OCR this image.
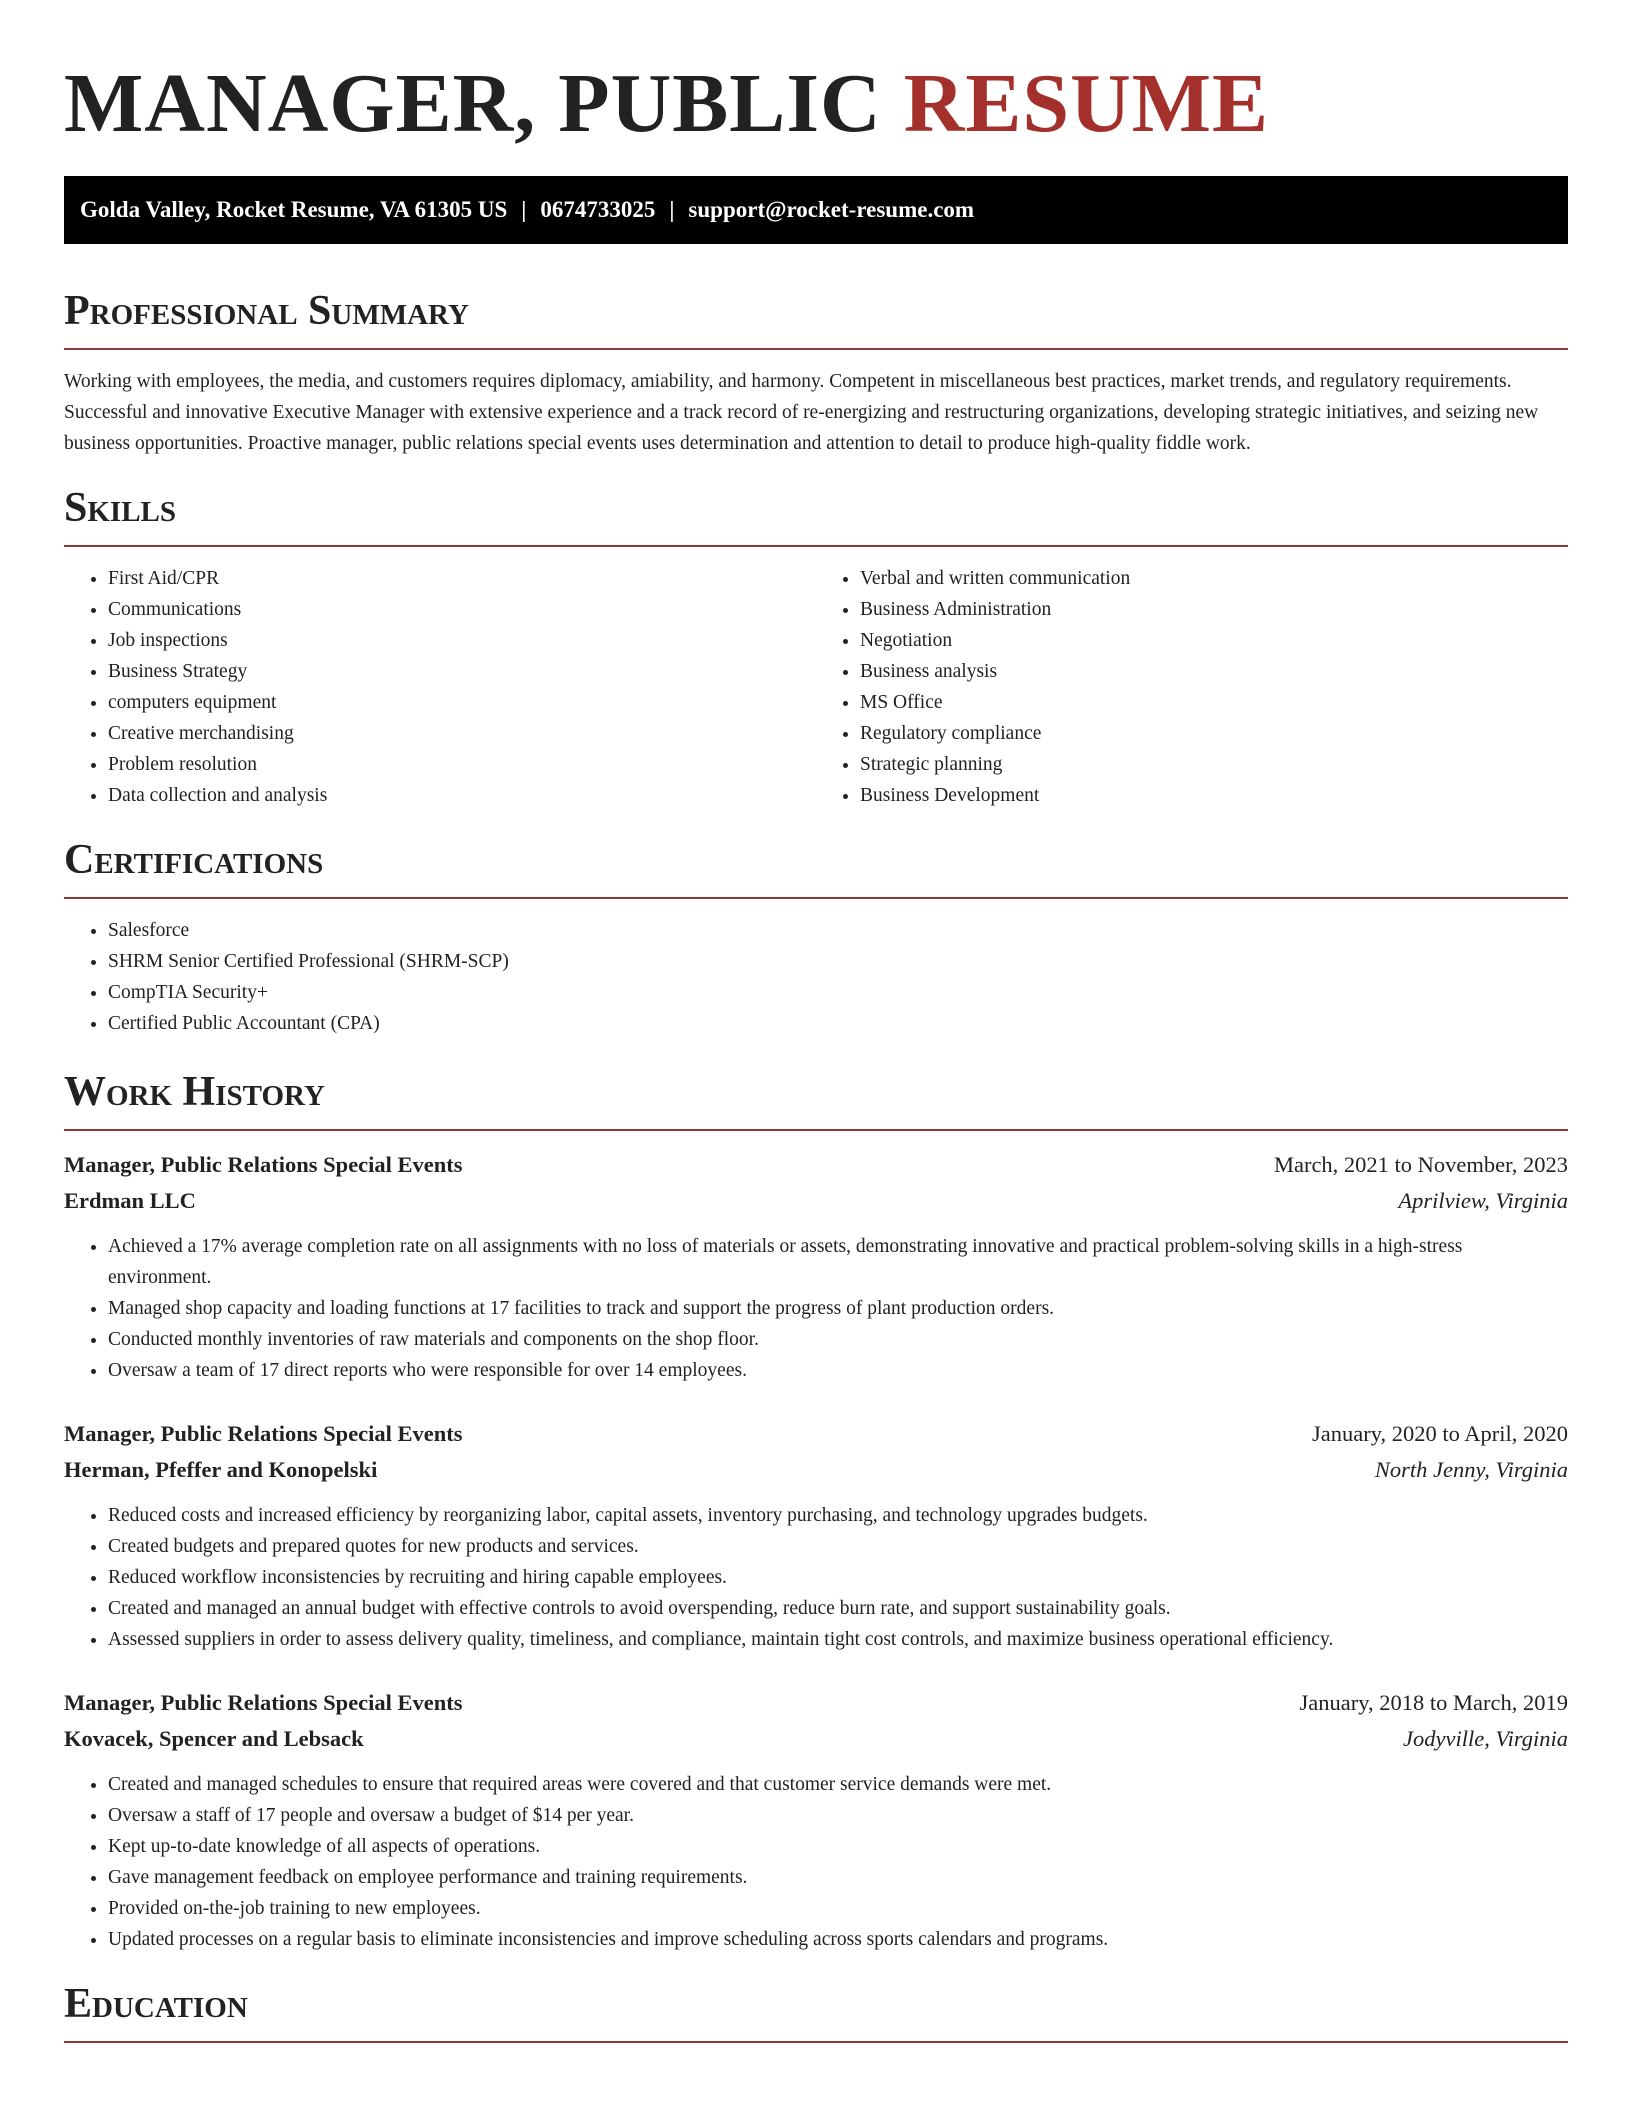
MANAGER, PUBLIC RESUME
Golda Valley, Rocket Resume, VA 61305 US | 0674733025 | support@rocket-resume.com
Professional Summary

Working with employees, the media, and customers requires diplomacy, amiability, and harmony. Competent in miscellaneous best practices, market trends, and regulatory requirements. Successful and innovative Executive Manager with extensive experience and a track record of re-energizing and restructuring organizations, developing strategic initiatives, and seizing new business opportunities. Proactive manager, public relations special events uses determination and attention to detail to produce high-quality fiddle work.

Skills
• First Aid/CPR
• Communications
• Job inspections
• Business Strategy
• computers equipment
• Creative merchandising
• Problem resolution
• Data collection and analysis
• Verbal and written communication
• Business Administration
• Negotiation
• Business analysis
• MS Office
• Regulatory compliance
• Strategic planning
• Business Development
Certifications
• Salesforce
• SHRM Senior Certified Professional (SHRM-SCP)
• CompTIA Security+
• Certified Public Accountant (CPA)
Work History
Manager, Public Relations Special Events	March, 2021 to November, 2023
Erdman LLC	Aprilview, Virginia
• Achieved a 17% average completion rate on all assignments with no loss of materials or assets, demonstrating innovative and practical problem-solving skills in a high-stress environment.
• Managed shop capacity and loading functions at 17 facilities to track and support the progress of plant production orders.
• Conducted monthly inventories of raw materials and components on the shop floor.
• Oversaw a team of 17 direct reports who were responsible for over 14 employees.
Manager, Public Relations Special Events	January, 2020 to April, 2020
Herman, Pfeffer and Konopelski	North Jenny, Virginia
• Reduced costs and increased efficiency by reorganizing labor, capital assets, inventory purchasing, and technology upgrades budgets.
• Created budgets and prepared quotes for new products and services.
• Reduced workflow inconsistencies by recruiting and hiring capable employees.
• Created and managed an annual budget with effective controls to avoid overspending, reduce burn rate, and support sustainability goals.
• Assessed suppliers in order to assess delivery quality, timeliness, and compliance, maintain tight cost controls, and maximize business operational efficiency.
Manager, Public Relations Special Events	January, 2018 to March, 2019
Kovacek, Spencer and Lebsack	Jodyville, Virginia
• Created and managed schedules to ensure that required areas were covered and that customer service demands were met.
• Oversaw a staff of 17 people and oversaw a budget of $14 per year.
• Kept up-to-date knowledge of all aspects of operations.
• Gave management feedback on employee performance and training requirements.
• Provided on-the-job training to new employees.
• Updated processes on a regular basis to eliminate inconsistencies and improve scheduling across sports calendars and programs.
Education
